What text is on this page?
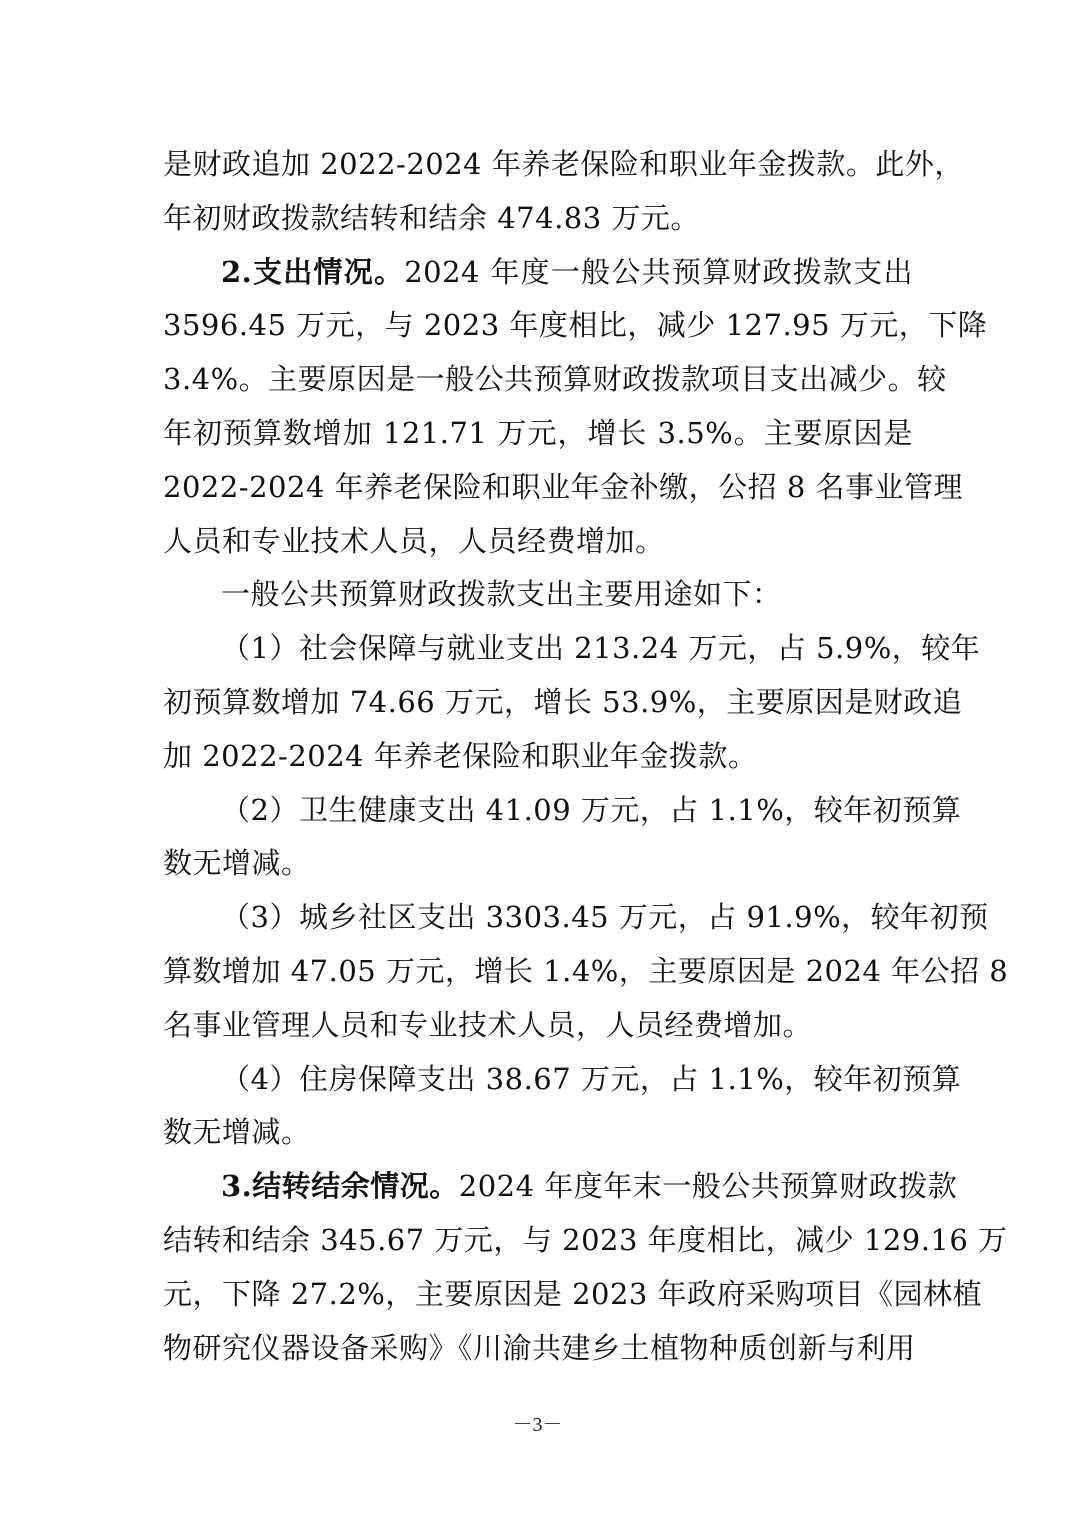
是财政追加 2022-2024 年养老保险和职业年金拨款。此外，
年初财政拨款结转和结余 474.83 万元。
2.支出情况。2024 年度一般公共预算财政拨款支出
3596.45 万元，与 2023 年度相比，减少 127.95 万元，下降
3.4%。主要原因是一般公共预算财政拨款项目支出减少。较
年初预算数增加 121.71 万元，增长 3.5%。主要原因是
2022-2024 年养老保险和职业年金补缴，公招 8 名事业管理
人员和专业技术人员，人员经费增加。
一般公共预算财政拨款支出主要用途如下：
（1）社会保障与就业支出 213.24 万元，占 5.9%，较年
初预算数增加 74.66 万元，增长 53.9%，主要原因是财政追
加 2022-2024 年养老保险和职业年金拨款。
（2）卫生健康支出 41.09 万元，占 1.1%，较年初预算
数无增减。
（3）城乡社区支出 3303.45 万元，占 91.9%，较年初预
算数增加 47.05 万元，增长 1.4%，主要原因是 2024 年公招 8
名事业管理人员和专业技术人员，人员经费增加。
（4）住房保障支出 38.67 万元，占 1.1%，较年初预算
数无增减。
3.结转结余情况。2024 年度年末一般公共预算财政拨款
结转和结余 345.67 万元，与 2023 年度相比，减少 129.16 万
元，下降 27.2%，主要原因是 2023 年政府采购项目《园林植
物研究仪器设备采购》《川渝共建乡土植物种质创新与利用
－3－
